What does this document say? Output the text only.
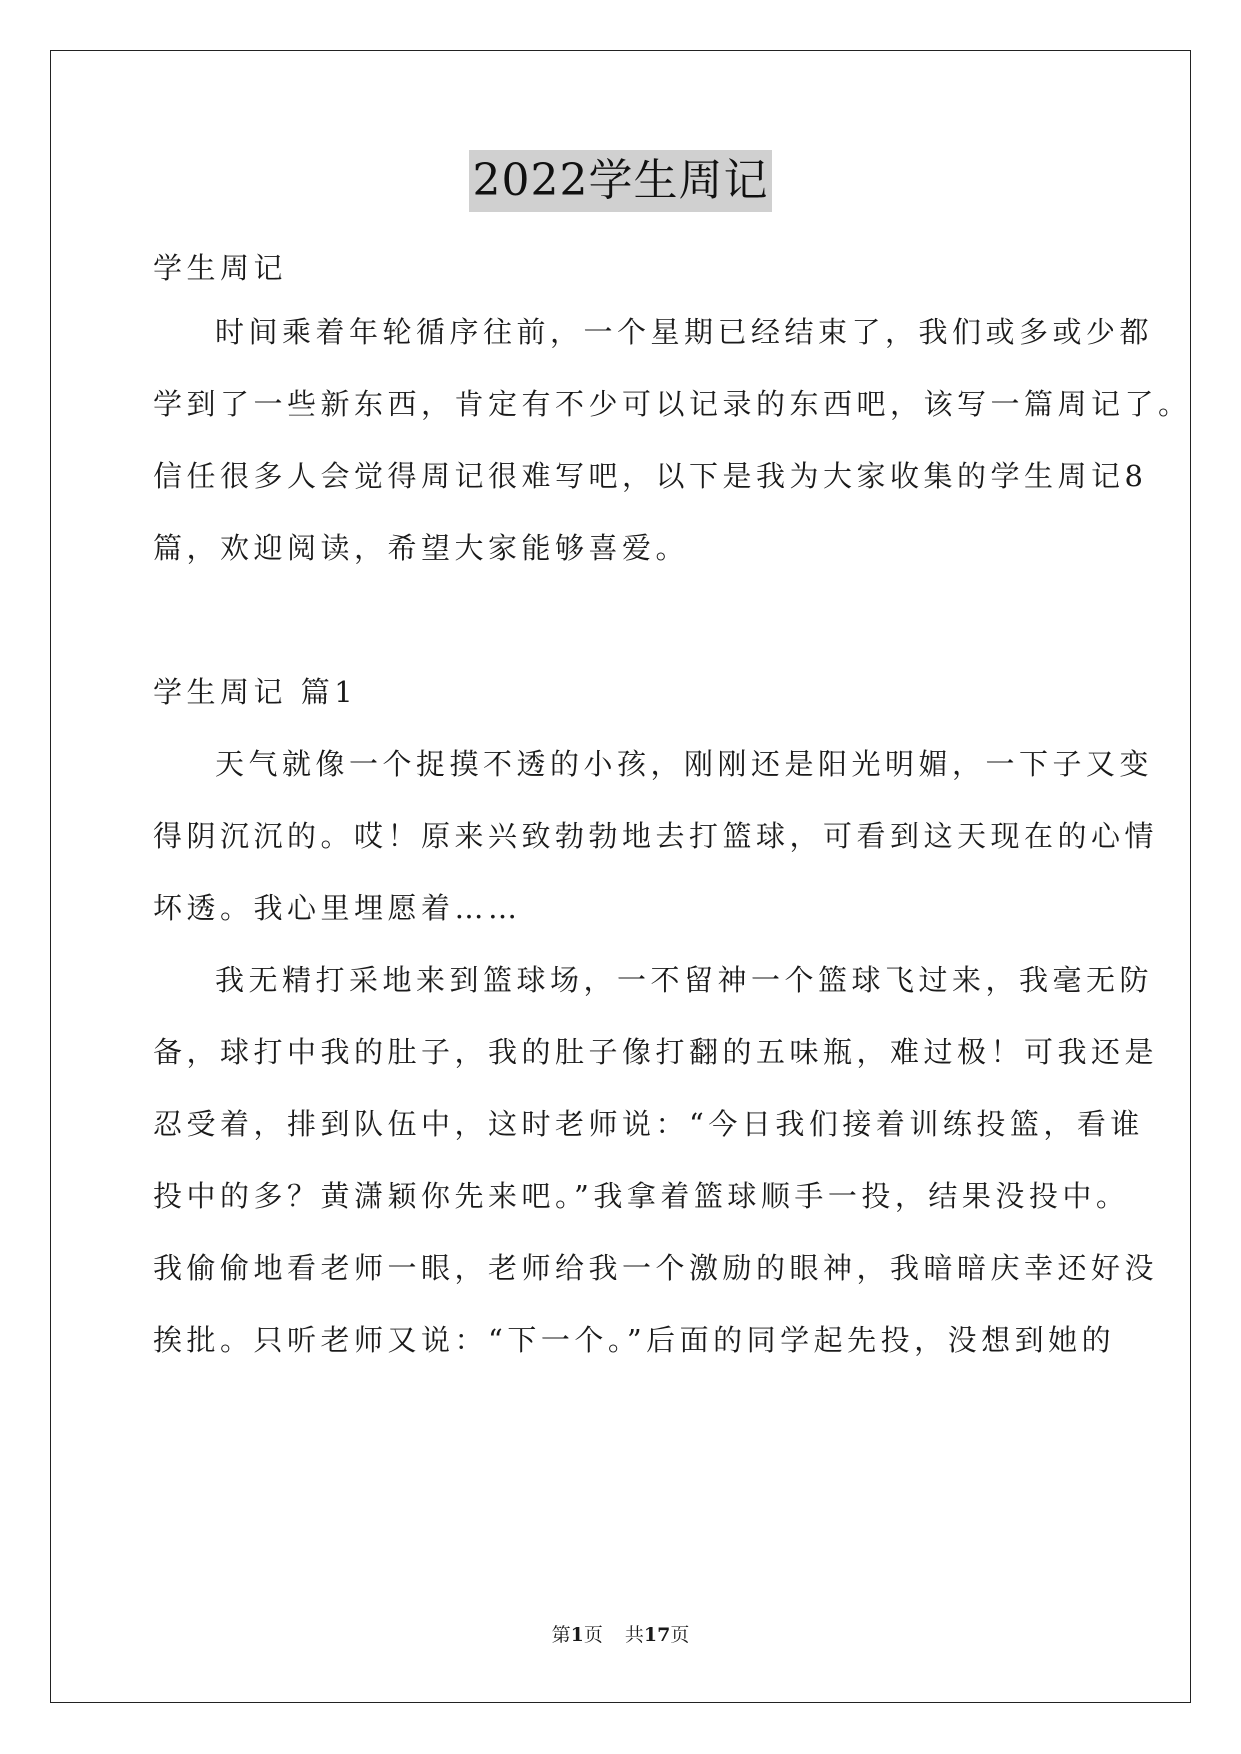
2022学生周记
学生周记
时间乘着年轮循序往前，一个星期已经结束了，我们或多或少都
学到了一些新东西，肯定有不少可以记录的东西吧，该写一篇周记了。
信任很多人会觉得周记很难写吧，以下是我为大家收集的学生周记8
篇，欢迎阅读，希望大家能够喜爱。
学生周记 篇1
天气就像一个捉摸不透的小孩，刚刚还是阳光明媚，一下子又变
得阴沉沉的。哎！原来兴致勃勃地去打篮球，可看到这天现在的心情
坏透。我心里埋愿着……
我无精打采地来到篮球场，一不留神一个篮球飞过来，我毫无防
备，球打中我的肚子，我的肚子像打翻的五味瓶，难过极！可我还是
忍受着，排到队伍中，这时老师说：“今日我们接着训练投篮，看谁
投中的多？黄潇颖你先来吧。”我拿着篮球顺手一投，结果没投中。
我偷偷地看老师一眼，老师给我一个激励的眼神，我暗暗庆幸还好没
挨批。只听老师又说：“下一个。”后面的同学起先投，没想到她的
第1页 共17页
